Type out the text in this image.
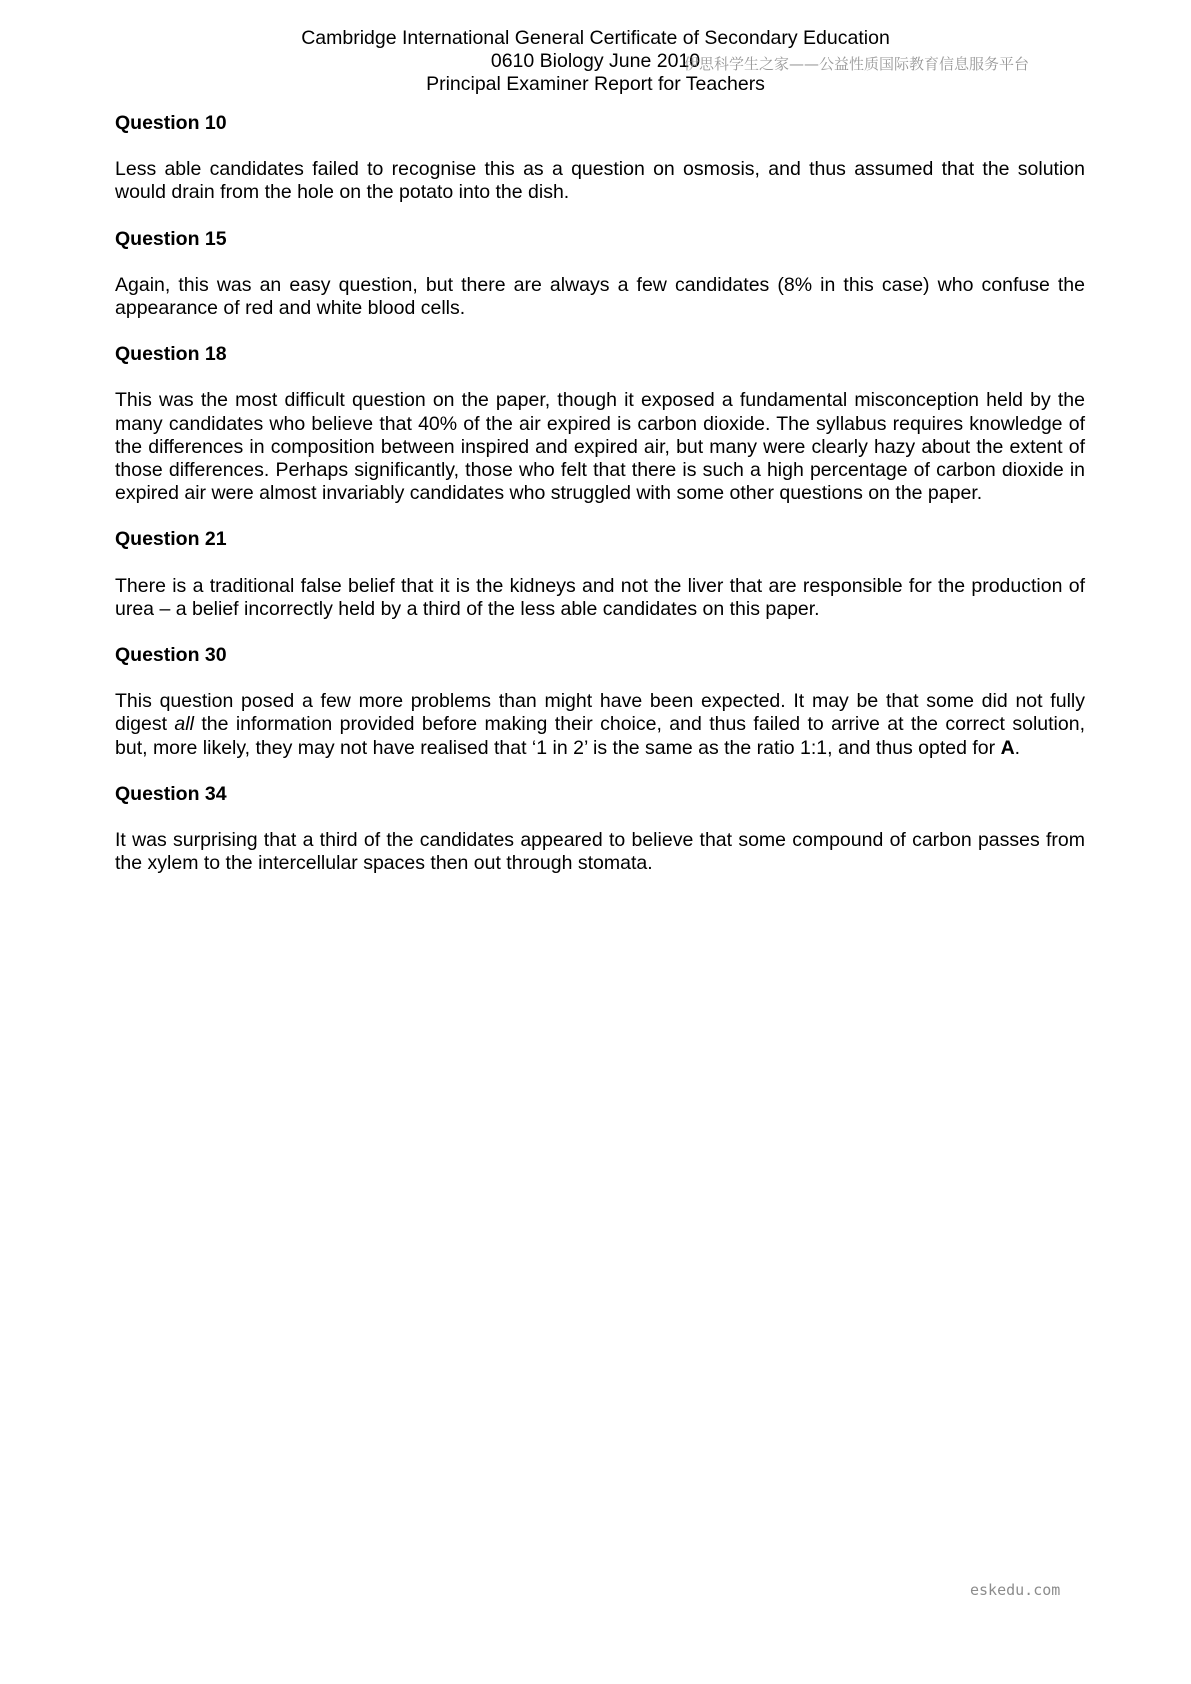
Cambridge International General Certificate of Secondary Education
0610 Biology June 2010
Principal Examiner Report for Teachers
伊思科学生之家——公益性质国际教育信息服务平台

Question 10

Less able candidates failed to recognise this as a question on osmosis, and thus assumed that the solution would drain from the hole on the potato into the dish.

Question 15

Again, this was an easy question, but there are always a few candidates (8% in this case) who confuse the appearance of red and white blood cells.

Question 18

This was the most difficult question on the paper, though it exposed a fundamental misconception held by the many candidates who believe that 40% of the air expired is carbon dioxide. The syllabus requires knowledge of the differences in composition between inspired and expired air, but many were clearly hazy about the extent of those differences. Perhaps significantly, those who felt that there is such a high percentage of carbon dioxide in expired air were almost invariably candidates who struggled with some other questions on the paper.

Question 21

There is a traditional false belief that it is the kidneys and not the liver that are responsible for the production of urea – a belief incorrectly held by a third of the less able candidates on this paper.

Question 30

This question posed a few more problems than might have been expected. It may be that some did not fully digest all the information provided before making their choice, and thus failed to arrive at the correct solution, but, more likely, they may not have realised that ‘1 in 2’ is the same as the ratio 1:1, and thus opted for A.

Question 34

It was surprising that a third of the candidates appeared to believe that some compound of carbon passes from the xylem to the intercellular spaces then out through stomata.

eskedu.com
